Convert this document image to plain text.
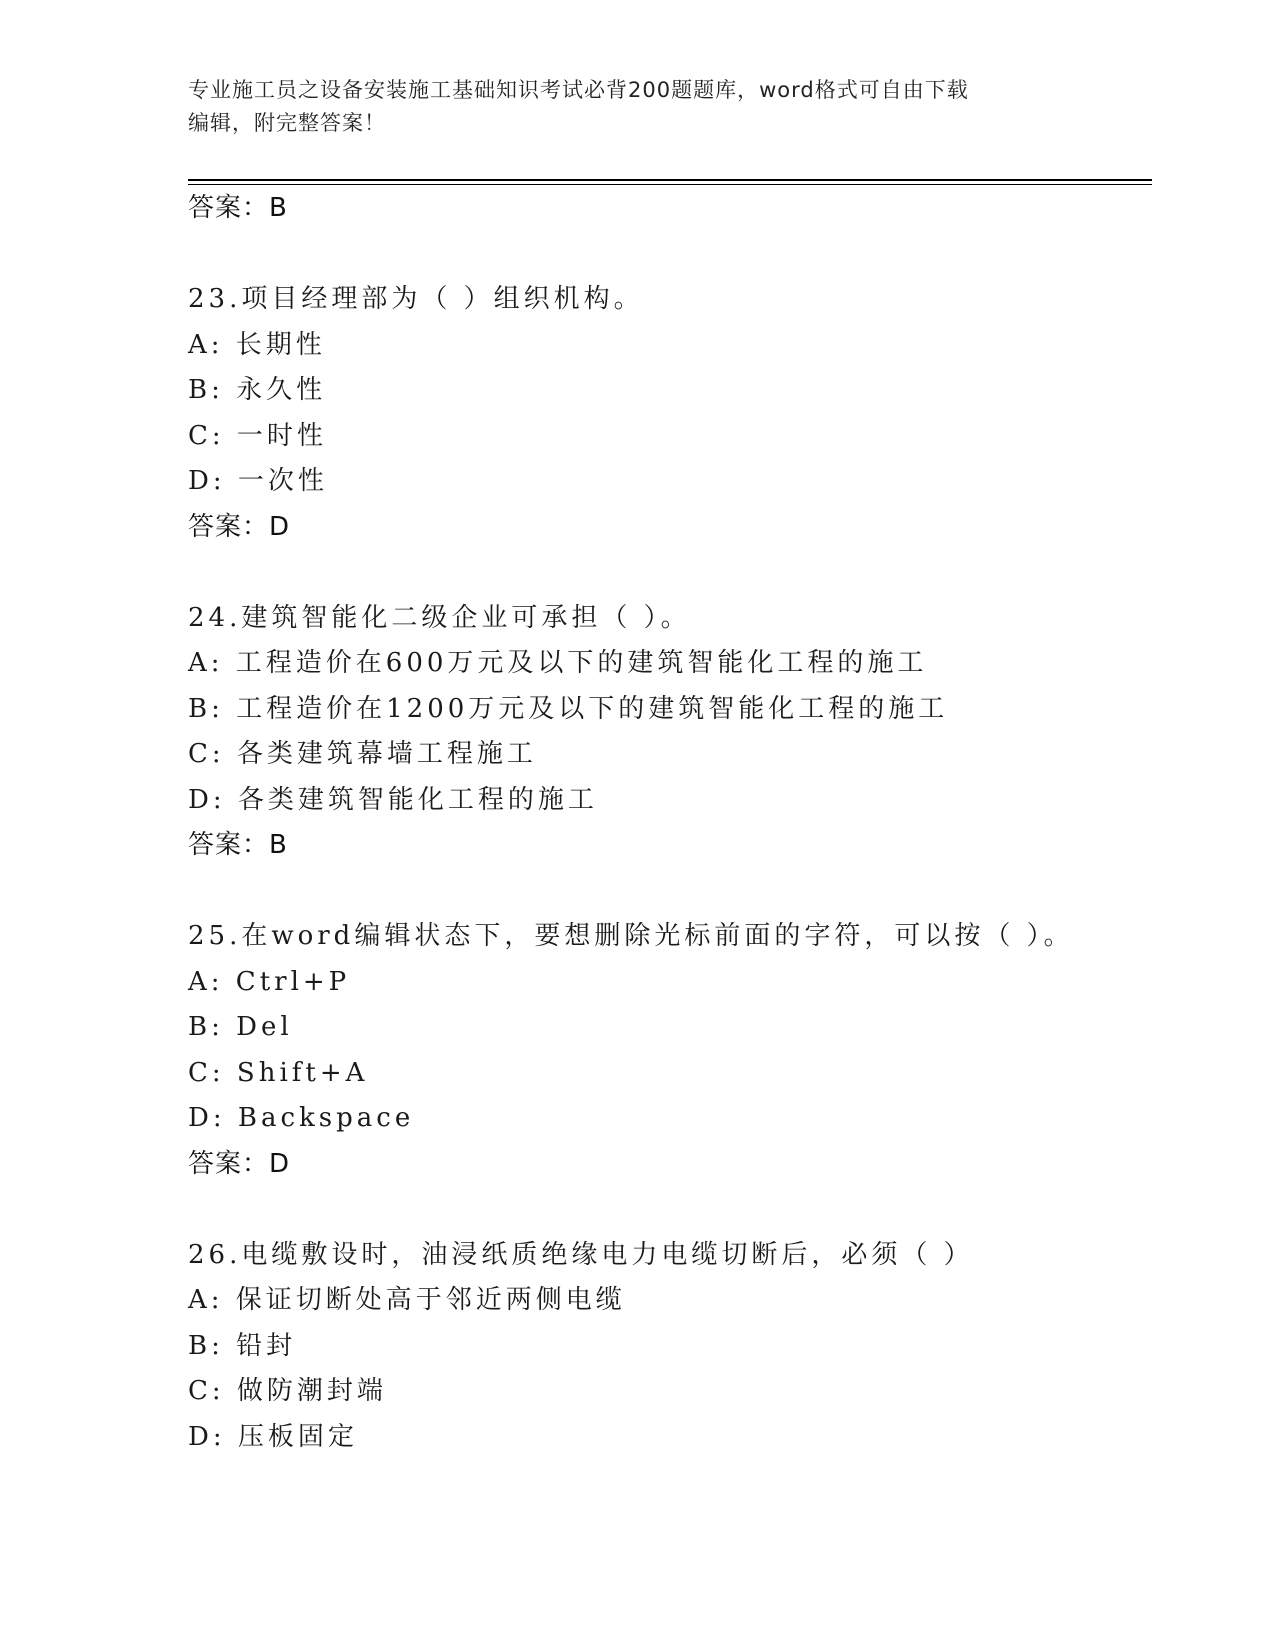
专业施工员之设备安装施工基础知识考试必背200题题库，word格式可自由下载
编辑，附完整答案！
答案：B
23.项目经理部为（ ）组织机构。
A: 长期性
B: 永久性
C: 一时性
D: 一次性
答案：D
24.建筑智能化二级企业可承担（ ）。
A: 工程造价在600万元及以下的建筑智能化工程的施工
B: 工程造价在1200万元及以下的建筑智能化工程的施工
C: 各类建筑幕墙工程施工
D: 各类建筑智能化工程的施工
答案：B
25.在word编辑状态下，要想删除光标前面的字符，可以按（ ）。
A: Ctrl+P
B: Del
C: Shift+A
D: Backspace
答案：D
26.电缆敷设时，油浸纸质绝缘电力电缆切断后，必须（ ）
A: 保证切断处高于邻近两侧电缆
B: 铅封
C: 做防潮封端
D: 压板固定
